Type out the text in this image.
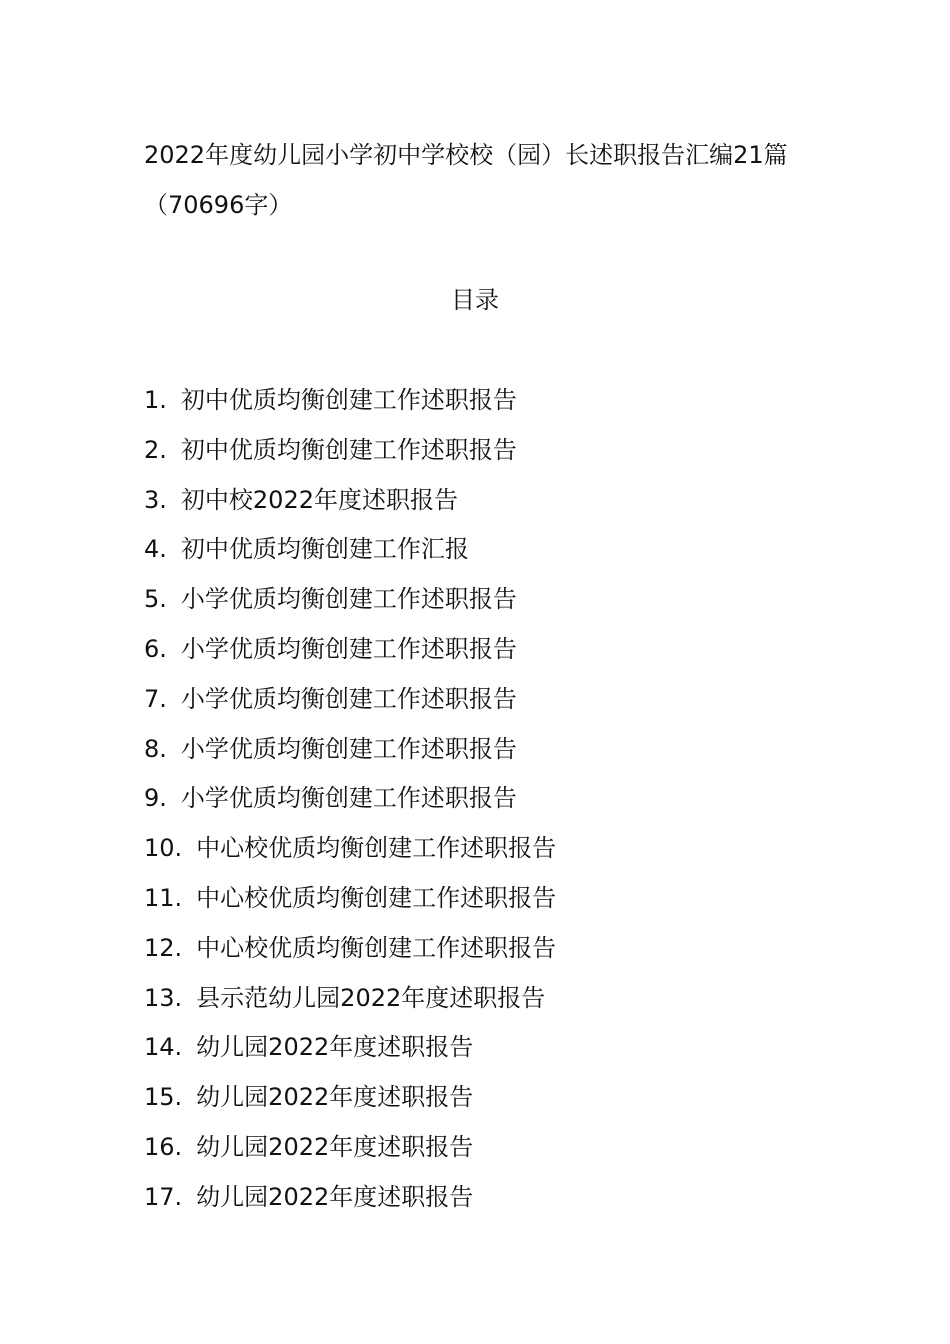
2022年度幼儿园小学初中学校校（园）长述职报告汇编21篇（70696字）
目录
1. 初中优质均衡创建工作述职报告
2. 初中优质均衡创建工作述职报告
3. 初中校2022年度述职报告
4. 初中优质均衡创建工作汇报
5. 小学优质均衡创建工作述职报告
6. 小学优质均衡创建工作述职报告
7. 小学优质均衡创建工作述职报告
8. 小学优质均衡创建工作述职报告
9. 小学优质均衡创建工作述职报告
10. 中心校优质均衡创建工作述职报告
11. 中心校优质均衡创建工作述职报告
12. 中心校优质均衡创建工作述职报告
13. 县示范幼儿园2022年度述职报告
14. 幼儿园2022年度述职报告
15. 幼儿园2022年度述职报告
16. 幼儿园2022年度述职报告
17. 幼儿园2022年度述职报告
